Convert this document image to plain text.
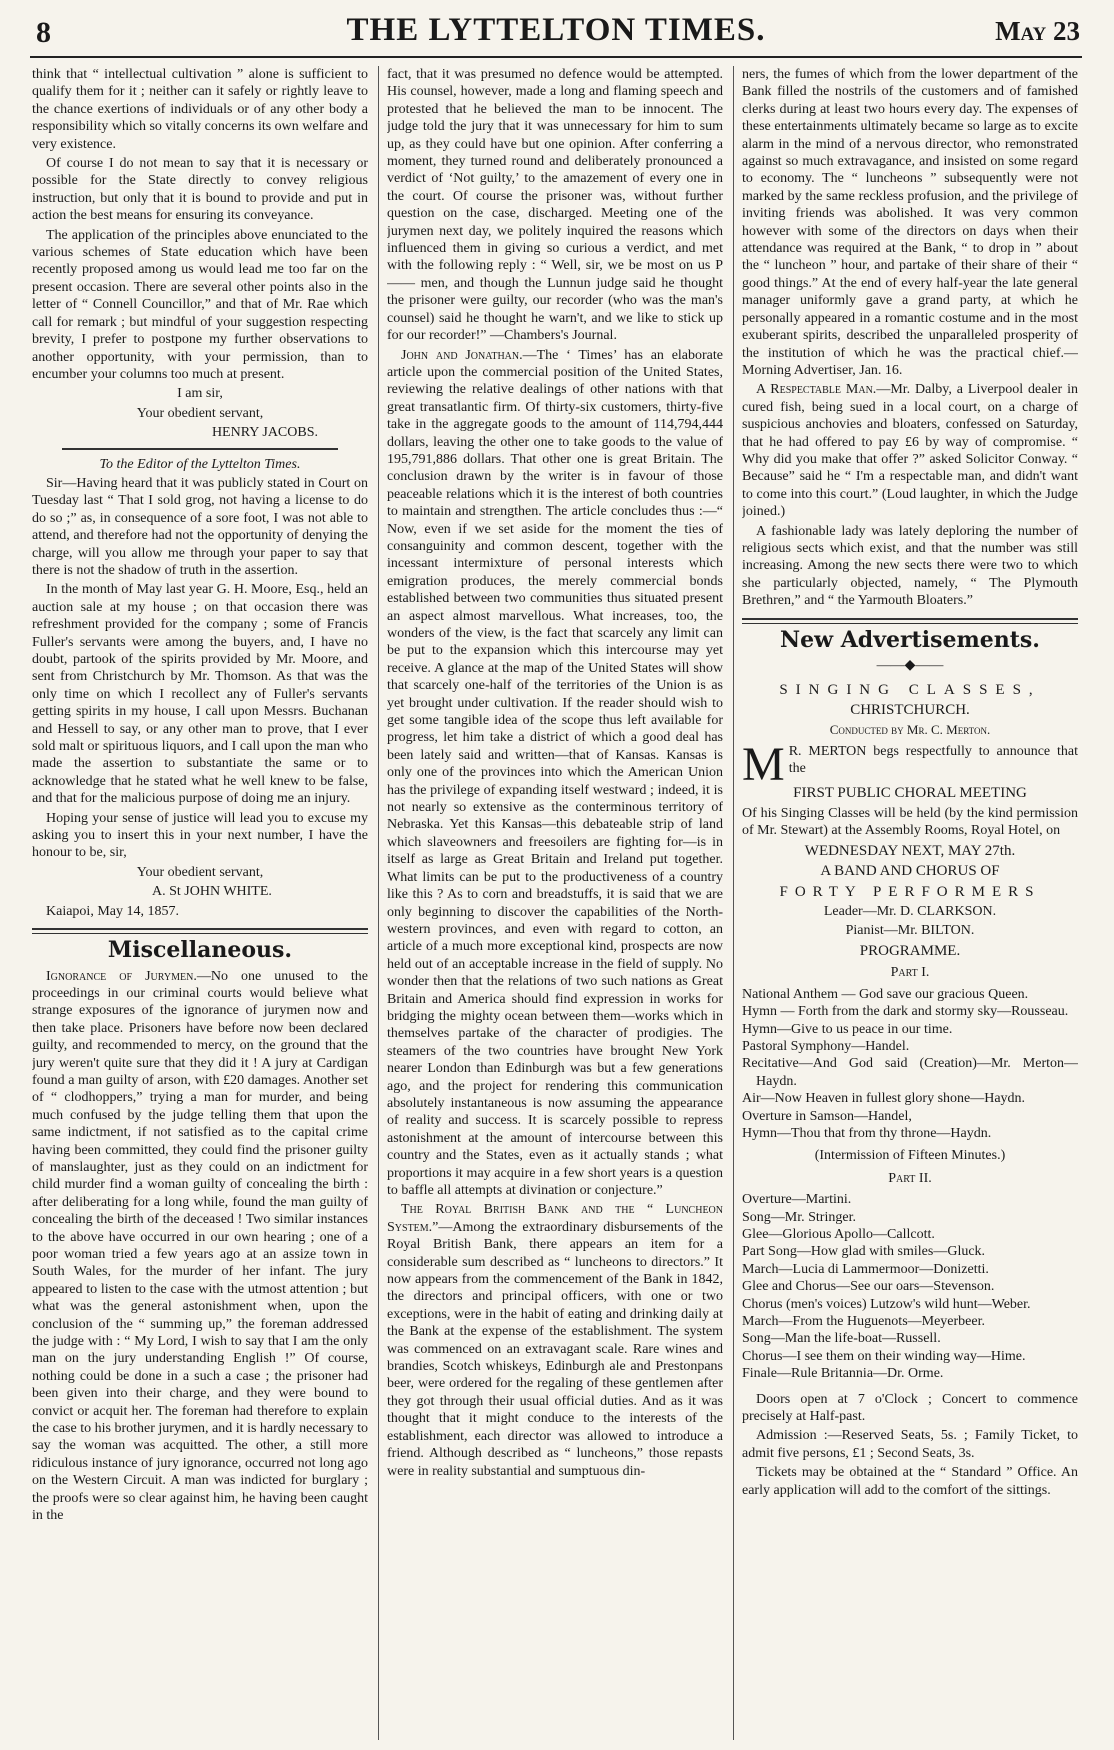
8	THE LYTTELTON TIMES.	May 23

think that “ intellectual cultivation ” alone is sufficient to qualify them for it ; neither can it safely or rightly leave to the chance exertions of individuals or of any other body a responsibility which so vitally concerns its own welfare and very existence.

Of course I do not mean to say that it is necessary or possible for the State directly to convey religious instruction, but only that it is bound to provide and put in action the best means for ensuring its conveyance.

The application of the principles above enunciated to the various schemes of State education which have been recently proposed among us would lead me too far on the present occasion. There are several other points also in the letter of “ Connell Councillor,” and that of Mr. Rae which call for remark ; but mindful of your suggestion respecting brevity, I prefer to postpone my further observations to another opportunity, with your permission, than to encumber your columns too much at present.

I am sir,

Your obedient servant,

HENRY JACOBS.

To the Editor of the Lyttelton Times.

Sir—Having heard that it was publicly stated in Court on Tuesday last “ That I sold grog, not having a license to do do so ;” as, in consequence of a sore foot, I was not able to attend, and therefore had not the opportunity of denying the charge, will you allow me through your paper to say that there is not the shadow of truth in the assertion.

In the month of May last year G. H. Moore, Esq., held an auction sale at my house ; on that occasion there was refreshment provided for the company ; some of Francis Fuller's servants were among the buyers, and, I have no doubt, partook of the spirits provided by Mr. Moore, and sent from Christchurch by Mr. Thomson. As that was the only time on which I recollect any of Fuller's servants getting spirits in my house, I call upon Messrs. Buchanan and Hessell to say, or any other man to prove, that I ever sold malt or spirituous liquors, and I call upon the man who made the assertion to substantiate the same or to acknowledge that he stated what he well knew to be false, and that for the malicious purpose of doing me an injury.

Hoping your sense of justice will lead you to excuse my asking you to insert this in your next number, I have the honour to be, sir,

Your obedient servant,

A. St JOHN WHITE.

Kaiapoi, May 14, 1857.

Miscellaneous.

Ignorance of Jurymen.—No one unused to the proceedings in our criminal courts would believe what strange exposures of the ignorance of jurymen now and then take place. Prisoners have before now been declared guilty, and recommended to mercy, on the ground that the jury weren't quite sure that they did it ! A jury at Cardigan found a man guilty of arson, with £20 damages. Another set of “ clodhoppers,” trying a man for murder, and being much confused by the judge telling them that upon the same indictment, if not satisfied as to the capital crime having been committed, they could find the prisoner guilty of manslaughter, just as they could on an indictment for child murder find a woman guilty of concealing the birth : after deliberating for a long while, found the man guilty of concealing the birth of the deceased ! Two similar instances to the above have occurred in our own hearing ; one of a poor woman tried a few years ago at an assize town in South Wales, for the murder of her infant. The jury appeared to listen to the case with the utmost attention ; but what was the general astonishment when, upon the conclusion of the “ summing up,” the foreman addressed the judge with : “ My Lord, I wish to say that I am the only man on the jury understanding English !” Of course, nothing could be done in a such a case ; the prisoner had been given into their charge, and they were bound to convict or acquit her. The foreman had therefore to explain the case to his brother jurymen, and it is hardly necessary to say the woman was acquitted. The other, a still more ridiculous instance of jury ignorance, occurred not long ago on the Western Circuit. A man was indicted for burglary ; the proofs were so clear against him, he having been caught in the

fact, that it was presumed no defence would be attempted. His counsel, however, made a long and flaming speech and protested that he believed the man to be innocent. The judge told the jury that it was unnecessary for him to sum up, as they could have but one opinion. After conferring a moment, they turned round and deliberately pronounced a verdict of ‘Not guilty,’ to the amazement of every one in the court. Of course the prisoner was, without further question on the case, discharged. Meeting one of the jurymen next day, we politely inquired the reasons which influenced them in giving so curious a verdict, and met with the following reply : “ Well, sir, we be most on us P—— men, and though the Lunnun judge said he thought the prisoner were guilty, our recorder (who was the man's counsel) said he thought he warn't, and we like to stick up for our recorder!” —Chambers's Journal.

John and Jonathan.—The ‘ Times’ has an elaborate article upon the commercial position of the United States, reviewing the relative dealings of other nations with that great transatlantic firm. Of thirty-six customers, thirty-five take in the aggregate goods to the amount of 114,794,444 dollars, leaving the other one to take goods to the value of 195,791,886 dollars. That other one is great Britain. The conclusion drawn by the writer is in favour of those peaceable relations which it is the interest of both countries to maintain and strengthen. The article concludes thus :—“ Now, even if we set aside for the moment the ties of consanguinity and common descent, together with the incessant intermixture of personal interests which emigration produces, the merely commercial bonds established between two communities thus situated present an aspect almost marvellous. What increases, too, the wonders of the view, is the fact that scarcely any limit can be put to the expansion which this intercourse may yet receive. A glance at the map of the United States will show that scarcely one-half of the territories of the Union is as yet brought under cultivation. If the reader should wish to get some tangible idea of the scope thus left available for progress, let him take a district of which a good deal has been lately said and written—that of Kansas. Kansas is only one of the provinces into which the American Union has the privilege of expanding itself westward ; indeed, it is not nearly so extensive as the conterminous territory of Nebraska. Yet this Kansas—this debateable strip of land which slaveowners and freesoilers are fighting for—is in itself as large as Great Britain and Ireland put together. What limits can be put to the productiveness of a country like this ? As to corn and breadstuffs, it is said that we are only beginning to discover the capabilities of the North-western provinces, and even with regard to cotton, an article of a much more exceptional kind, prospects are now held out of an acceptable increase in the field of supply. No wonder then that the relations of two such nations as Great Britain and America should find expression in works for bridging the mighty ocean between them—works which in themselves partake of the character of prodigies. The steamers of the two countries have brought New York nearer London than Edinburgh was but a few generations ago, and the project for rendering this communication absolutely instantaneous is now assuming the appearance of reality and success. It is scarcely possible to repress astonishment at the amount of intercourse between this country and the States, even as it actually stands ; what proportions it may acquire in a few short years is a question to baffle all attempts at divination or conjecture.”

The Royal British Bank and the “ Luncheon System.”—Among the extraordinary disbursements of the Royal British Bank, there appears an item for a considerable sum described as “ luncheons to directors.” It now appears from the commencement of the Bank in 1842, the directors and principal officers, with one or two exceptions, were in the habit of eating and drinking daily at the Bank at the expense of the establishment. The system was commenced on an extravagant scale. Rare wines and brandies, Scotch whiskeys, Edinburgh ale and Prestonpans beer, were ordered for the regaling of these gentlemen after they got through their usual official duties. And as it was thought that it might conduce to the interests of the establishment, each director was allowed to introduce a friend. Although described as “ luncheons,” those repasts were in reality substantial and sumptuous din-

ners, the fumes of which from the lower department of the Bank filled the nostrils of the customers and of famished clerks during at least two hours every day. The expenses of these entertainments ultimately became so large as to excite alarm in the mind of a nervous director, who remonstrated against so much extravagance, and insisted on some regard to economy. The “ luncheons ” subsequently were not marked by the same reckless profusion, and the privilege of inviting friends was abolished. It was very common however with some of the directors on days when their attendance was required at the Bank, “ to drop in ” about the “ luncheon ” hour, and partake of their share of their “ good things.” At the end of every half-year the late general manager uniformly gave a grand party, at which he personally appeared in a romantic costume and in the most exuberant spirits, described the unparalleled prosperity of the institution of which he was the practical chief.—Morning Advertiser, Jan. 16.

A Respectable Man.—Mr. Dalby, a Liverpool dealer in cured fish, being sued in a local court, on a charge of suspicious anchovies and bloaters, confessed on Saturday, that he had offered to pay £6 by way of compromise. “ Why did you make that offer ?” asked Solicitor Conway. “ Because” said he “ I'm a respectable man, and didn't want to come into this court.” (Loud laughter, in which the Judge joined.)

A fashionable lady was lately deploring the number of religious sects which exist, and that the number was still increasing. Among the new sects there were two to which she particularly objected, namely, “ The Plymouth Brethren,” and “ the Yarmouth Bloaters.”

New Advertisements.

——◆——

SINGING CLASSES,

CHRISTCHURCH.

Conducted by Mr. C. Merton.

M R. MERTON begs respectfully to announce that the

FIRST PUBLIC CHORAL MEETING

Of his Singing Classes will be held (by the kind permission of Mr. Stewart) at the Assembly Rooms, Royal Hotel, on

WEDNESDAY NEXT, MAY 27th.

A BAND AND CHORUS OF

FORTY PERFORMERS

Leader—Mr. D. CLARKSON.

Pianist—Mr. BILTON.

PROGRAMME.

Part I.

National Anthem — God save our gracious Queen.

Hymn — Forth from the dark and stormy sky—Rousseau.

Hymn—Give to us peace in our time.

Pastoral Symphony—Handel.

Recitative—And God said (Creation)—Mr. Merton—Haydn.

Air—Now Heaven in fullest glory shone—Haydn.

Overture in Samson—Handel,

Hymn—Thou that from thy throne—Haydn.

(Intermission of Fifteen Minutes.)

Part II.

Overture—Martini.

Song—Mr. Stringer.

Glee—Glorious Apollo—Callcott.

Part Song—How glad with smiles—Gluck.

March—Lucia di Lammermoor—Donizetti.

Glee and Chorus—See our oars—Stevenson.

Chorus (men's voices) Lutzow's wild hunt—Weber.

March—From the Huguenots—Meyerbeer.

Song—Man the life-boat—Russell.

Chorus—I see them on their winding way—Hime.

Finale—Rule Britannia—Dr. Orme.

Doors open at 7 o'Clock ; Concert to commence precisely at Half-past.

Admission :—Reserved Seats, 5s. ; Family Ticket, to admit five persons, £1 ; Second Seats, 3s.

Tickets may be obtained at the “ Standard ” Office. An early application will add to the comfort of the sittings.
